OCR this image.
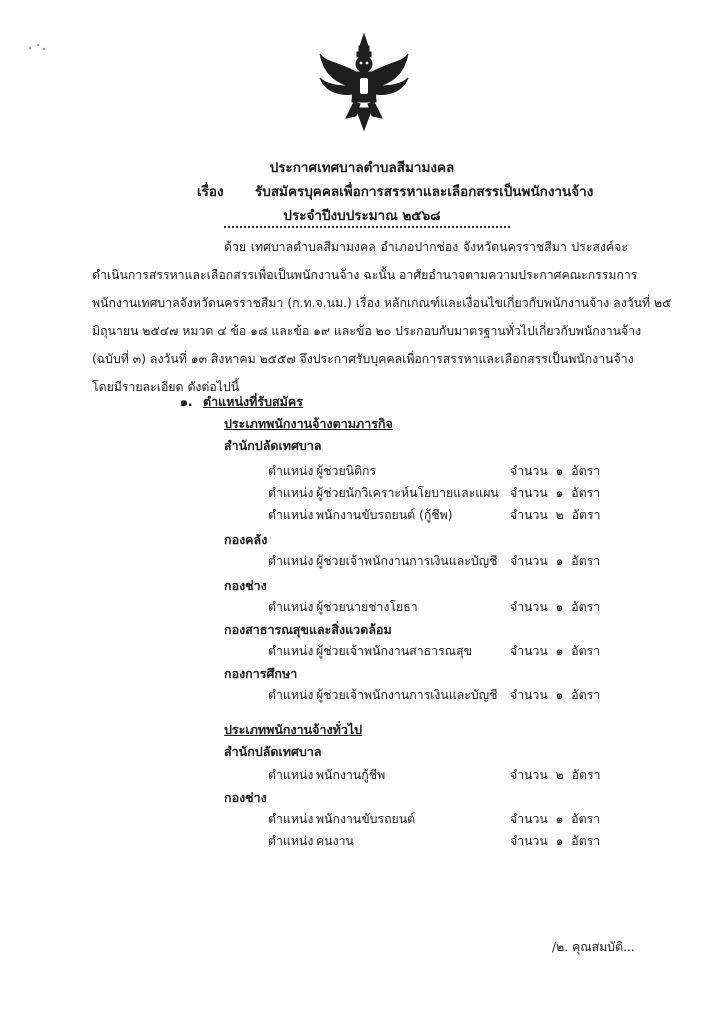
ประกาศเทศบาลตำบลสีมามงคล
เรื่อง รับสมัครบุคคลเพื่อการสรรหาและเลือกสรรเป็นพนักงานจ้าง
ประจำปีงบประมาณ ๒๕๖๘
ด้วย เทศบาลตำบลสีมามงคล อำเภอปากช่อง จังหวัดนครราชสีมา ประสงค์จะ
ดำเนินการสรรหาและเลือกสรรเพื่อเป็นพนักงานจ้าง ฉะนั้น อาศัยอำนาจตามความประกาศคณะกรรมการ
พนักงานเทศบาลจังหวัดนครราชสีมา (ก.ท.จ.นม.) เรื่อง หลักเกณฑ์และเงื่อนไขเกี่ยวกับพนักงานจ้าง ลงวันที่ ๒๕
มิถุนายน ๒๕๔๗ หมวด ๔ ข้อ ๑๘ และข้อ ๑๙ และข้อ ๒๐ ประกอบกับมาตรฐานทั่วไปเกี่ยวกับพนักงานจ้าง
(ฉบับที่ ๓) ลงวันที่ ๑๓ สิงหาคม ๒๕๕๗ จึงประกาศรับบุคคลเพื่อการสรรหาและเลือกสรรเป็นพนักงานจ้าง
โดยมีรายละเอียด ดังต่อไปนี้
๑. ตำแหน่งที่รับสมัคร
ประเภทพนักงานจ้างตามภารกิจ
สำนักปลัดเทศบาล
ตำแหน่ง ผู้ช่วยนิติกร	จำนวน ๑ อัตรา
ตำแหน่ง ผู้ช่วยนักวิเคราะห์นโยบายและแผน จำนวน ๑ อัตรา
ตำแหน่ง พนักงานขับรถยนต์ (กู้ชีพ)	จำนวน ๒ อัตรา
กองคลัง
ตำแหน่ง ผู้ช่วยเจ้าพนักงานการเงินและบัญชี จำนวน ๑ อัตรา
กองช่าง
ตำแหน่ง ผู้ช่วยนายช่างโยธา	จำนวน ๑ อัตรา
กองสาธารณสุขและสิ่งแวดล้อม
ตำแหน่ง ผู้ช่วยเจ้าพนักงานสาธารณสุข	จำนวน ๑ อัตรา
กองการศึกษา
ตำแหน่ง ผู้ช่วยเจ้าพนักงานการเงินและบัญชี จำนวน ๑ อัตรา
ประเภทพนักงานจ้างทั่วไป
สำนักปลัดเทศบาล
ตำแหน่ง พนักงานกู้ชีพ	จำนวน ๒ อัตรา
กองช่าง
ตำแหน่ง พนักงานขับรถยนต์	จำนวน ๑ อัตรา
ตำแหน่ง คนงาน	จำนวน ๑ อัตรา
/๒. คุณสมบัติ...
